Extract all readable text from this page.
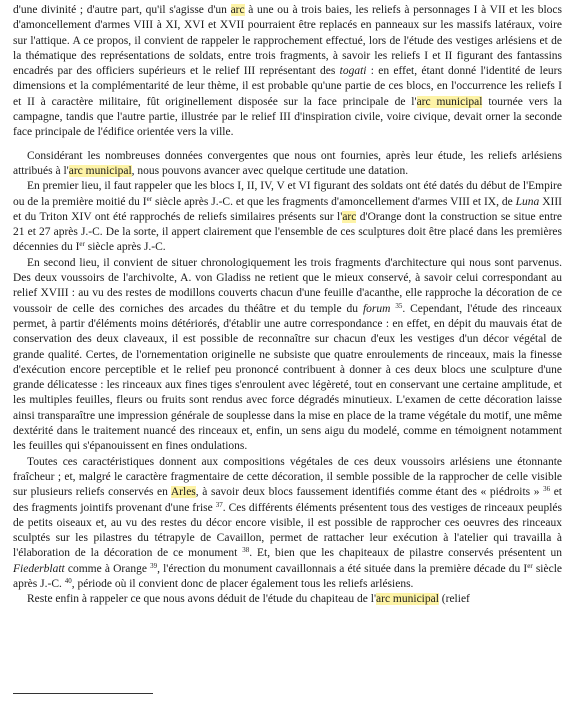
d'une divinité ; d'autre part, qu'il s'agisse d'un arc à une ou à trois baies, les reliefs à personnages I à VII et les blocs d'amoncellement d'armes VIII à XI, XVI et XVII pourraient être replacés en panneaux sur les massifs latéraux, voire sur l'attique. A ce propos, il convient de rappeler le rapprochement effectué, lors de l'étude des vestiges arlésiens et de la thématique des représentations de soldats, entre trois fragments, à savoir les reliefs I et II figurant des fantassins encadrés par des officiers supérieurs et le relief III représentant des togati : en effet, étant donné l'identité de leurs dimensions et la complémentarité de leur thème, il est probable qu'une partie de ces blocs, en l'occurrence les reliefs I et II à caractère militaire, fût originellement disposée sur la face principale de l'arc municipal tournée vers la campagne, tandis que l'autre partie, illustrée par le relief III d'inspiration civile, voire civique, devait orner la seconde face principale de l'édifice orientée vers la ville.

Considérant les nombreuses données convergentes que nous ont fournies, après leur étude, les reliefs arlésiens attribués à l'arc municipal, nous pouvons avancer avec quelque certitude une datation.

En premier lieu, il faut rappeler que les blocs I, II, IV, V et VI figurant des soldats ont été datés du début de l'Empire ou de la première moitié du Ier siècle après J.-C. et que les fragments d'amoncellement d'armes VIII et IX, de Luna XIII et du Triton XIV ont été rapprochés de reliefs similaires présents sur l'arc d'Orange dont la construction se situe entre 21 et 27 après J.-C. De la sorte, il appert clairement que l'ensemble de ces sculptures doit être placé dans les premières décennies du Ier siècle après J.-C.

En second lieu, il convient de situer chronologiquement les trois fragments d'architecture qui nous sont parvenus. Des deux voussoirs de l'archivolte, A. von Gladiss ne retient que le mieux conservé, à savoir celui correspondant au relief XVIII : au vu des restes de modillons couverts chacun d'une feuille d'acanthe, elle rapproche la décoration de ce voussoir de celle des corniches des arcades du théâtre et du temple du forum $^{35}$. Cependant, l'étude des rinceaux permet, à partir d'éléments moins détériorés, d'établir une autre correspondance : en effet, en dépit du mauvais état de conservation des deux claveaux, il est possible de reconnaître sur chacun d'eux les vestiges d'un décor végétal de grande qualité. Certes, de l'ornementation originelle ne subsiste que quatre enroulements de rinceaux, mais la finesse d'exécution encore perceptible et le relief peu prononcé contribuent à donner à ces deux blocs une sculpture d'une grande délicatesse : les rinceaux aux fines tiges s'enroulent avec légèreté, tout en conservant une certaine amplitude, et les multiples feuilles, fleurs ou fruits sont rendus avec force dégradés minutieux. L'examen de cette décoration laisse ainsi transparaître une impression générale de souplesse dans la mise en place de la trame végétale du motif, une même dextérité dans le traitement nuancé des rinceaux et, enfin, un sens aigu du modelé, comme en témoignent notamment les feuilles qui s'épanouissent en fines ondulations.

Toutes ces caractéristiques donnent aux compositions végétales de ces deux voussoirs arlésiens une étonnante fraîcheur ; et, malgré le caractère fragmentaire de cette décoration, il semble possible de la rapprocher de celle visible sur plusieurs reliefs conservés en Arles, à savoir deux blocs faussement identifiés comme étant des « piédroits » $^{36}$ et des fragments jointifs provenant d'une frise $^{37}$. Ces différents éléments présentent tous des vestiges de rinceaux peuplés de petits oiseaux et, au vu des restes du décor encore visible, il est possible de rapprocher ces oeuvres des rinceaux sculptés sur les pilastres du tétrapyle de Cavaillon, permet de rattacher leur exécution à l'atelier qui travailla à l'élaboration de la décoration de ce monument $^{38}$. Et, bien que les chapiteaux de pilastre conservés présentent un Fiederblatt comme à Orange $^{39}$, l'érection du monument cavaillonnais a été située dans la première décade du Ier siècle après J.-C. $^{40}$, période où il convient donc de placer également tous les reliefs arlésiens.

Reste enfin à rappeler ce que nous avons déduit de l'étude du chapiteau de l'arc municipal (relief
